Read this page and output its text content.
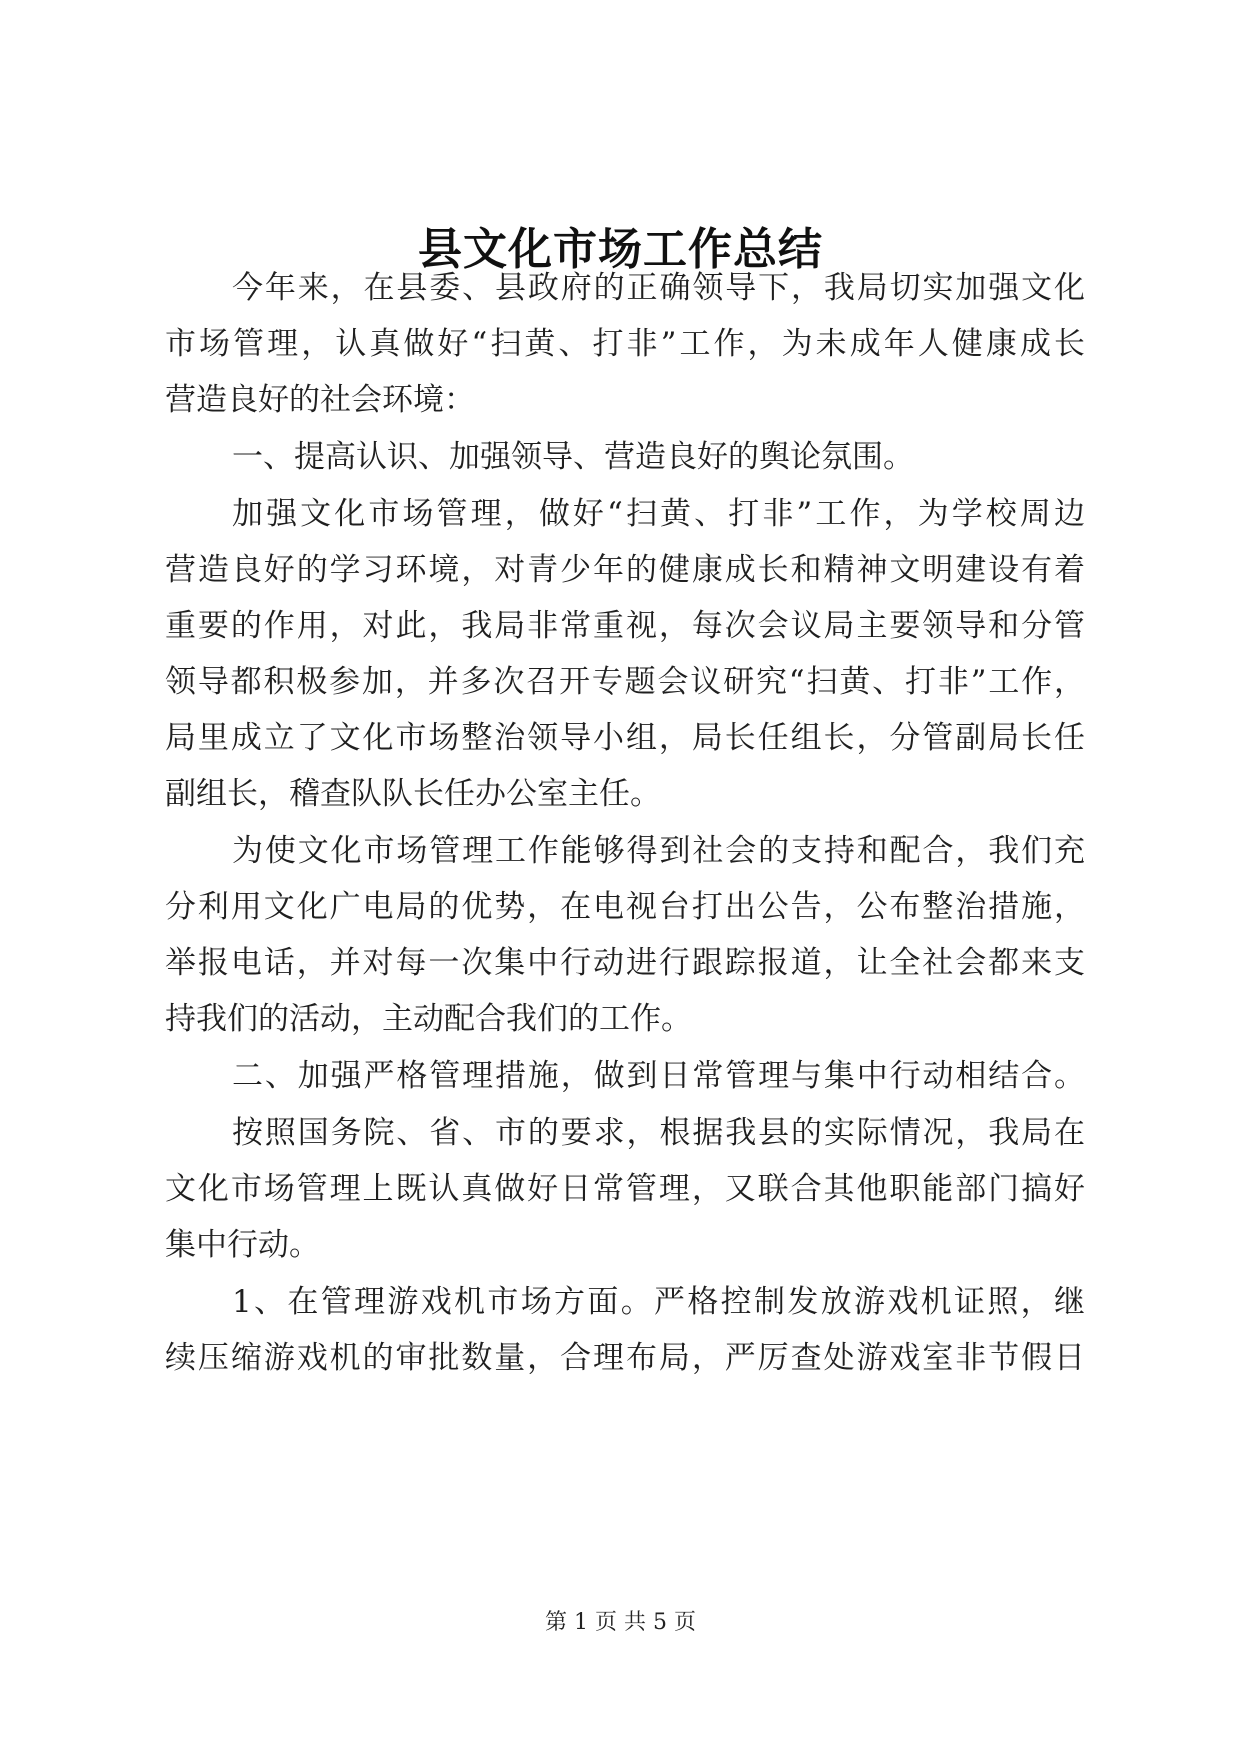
县文化市场工作总结
今年来，在县委、县政府的正确领导下，我局切实加强文化
市场管理，认真做好“扫黄、打非”工作，为未成年人健康成长
营造良好的社会环境：
一、提高认识、加强领导、营造良好的舆论氛围。
加强文化市场管理，做好“扫黄、打非”工作，为学校周边
营造良好的学习环境，对青少年的健康成长和精神文明建设有着
重要的作用，对此，我局非常重视，每次会议局主要领导和分管
领导都积极参加，并多次召开专题会议研究“扫黄、打非”工作，
局里成立了文化市场整治领导小组，局长任组长，分管副局长任
副组长，稽查队队长任办公室主任。
为使文化市场管理工作能够得到社会的支持和配合，我们充
分利用文化广电局的优势，在电视台打出公告，公布整治措施，
举报电话，并对每一次集中行动进行跟踪报道，让全社会都来支
持我们的活动，主动配合我们的工作。
二、加强严格管理措施，做到日常管理与集中行动相结合。
按照国务院、省、市的要求，根据我县的实际情况，我局在
文化市场管理上既认真做好日常管理，又联合其他职能部门搞好
集中行动。
1、在管理游戏机市场方面。严格控制发放游戏机证照，继
续压缩游戏机的审批数量，合理布局，严厉查处游戏室非节假日
第 1 页 共 5 页
